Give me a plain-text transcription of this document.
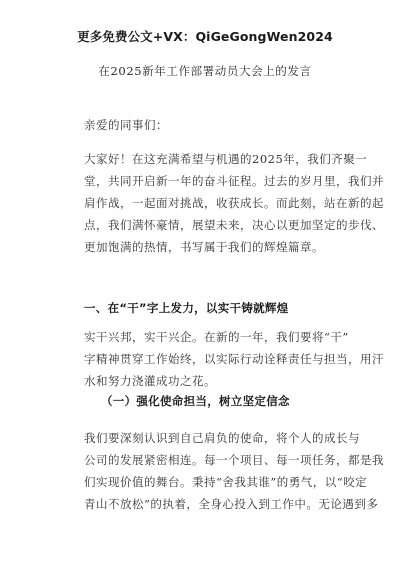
更多免费公文+VX：QiGeGongWen2024
在2025新年工作部署动员大会上的发言
亲爱的同事们：
大家好！在这充满希望与机遇的2025年，我们齐聚一
堂，共同开启新一年的奋斗征程。过去的岁月里，我们并
肩作战，一起面对挑战，收获成长。而此刻，站在新的起
点，我们满怀豪情，展望未来，决心以更加坚定的步伐、
更加饱满的热情，书写属于我们的辉煌篇章。
一、在“干”字上发力，以实干铸就辉煌
实干兴邦，实干兴企。在新的一年，我们要将“干”
字精神贯穿工作始终，以实际行动诠释责任与担当，用汗
水和努力浇灌成功之花。
（一）强化使命担当，树立坚定信念
我们要深刻认识到自己肩负的使命，将个人的成长与
公司的发展紧密相连。每一个项目、每一项任务，都是我
们实现价值的舞台。秉持“舍我其谁”的勇气，以“咬定
青山不放松”的执着，全身心投入到工作中。无论遇到多
